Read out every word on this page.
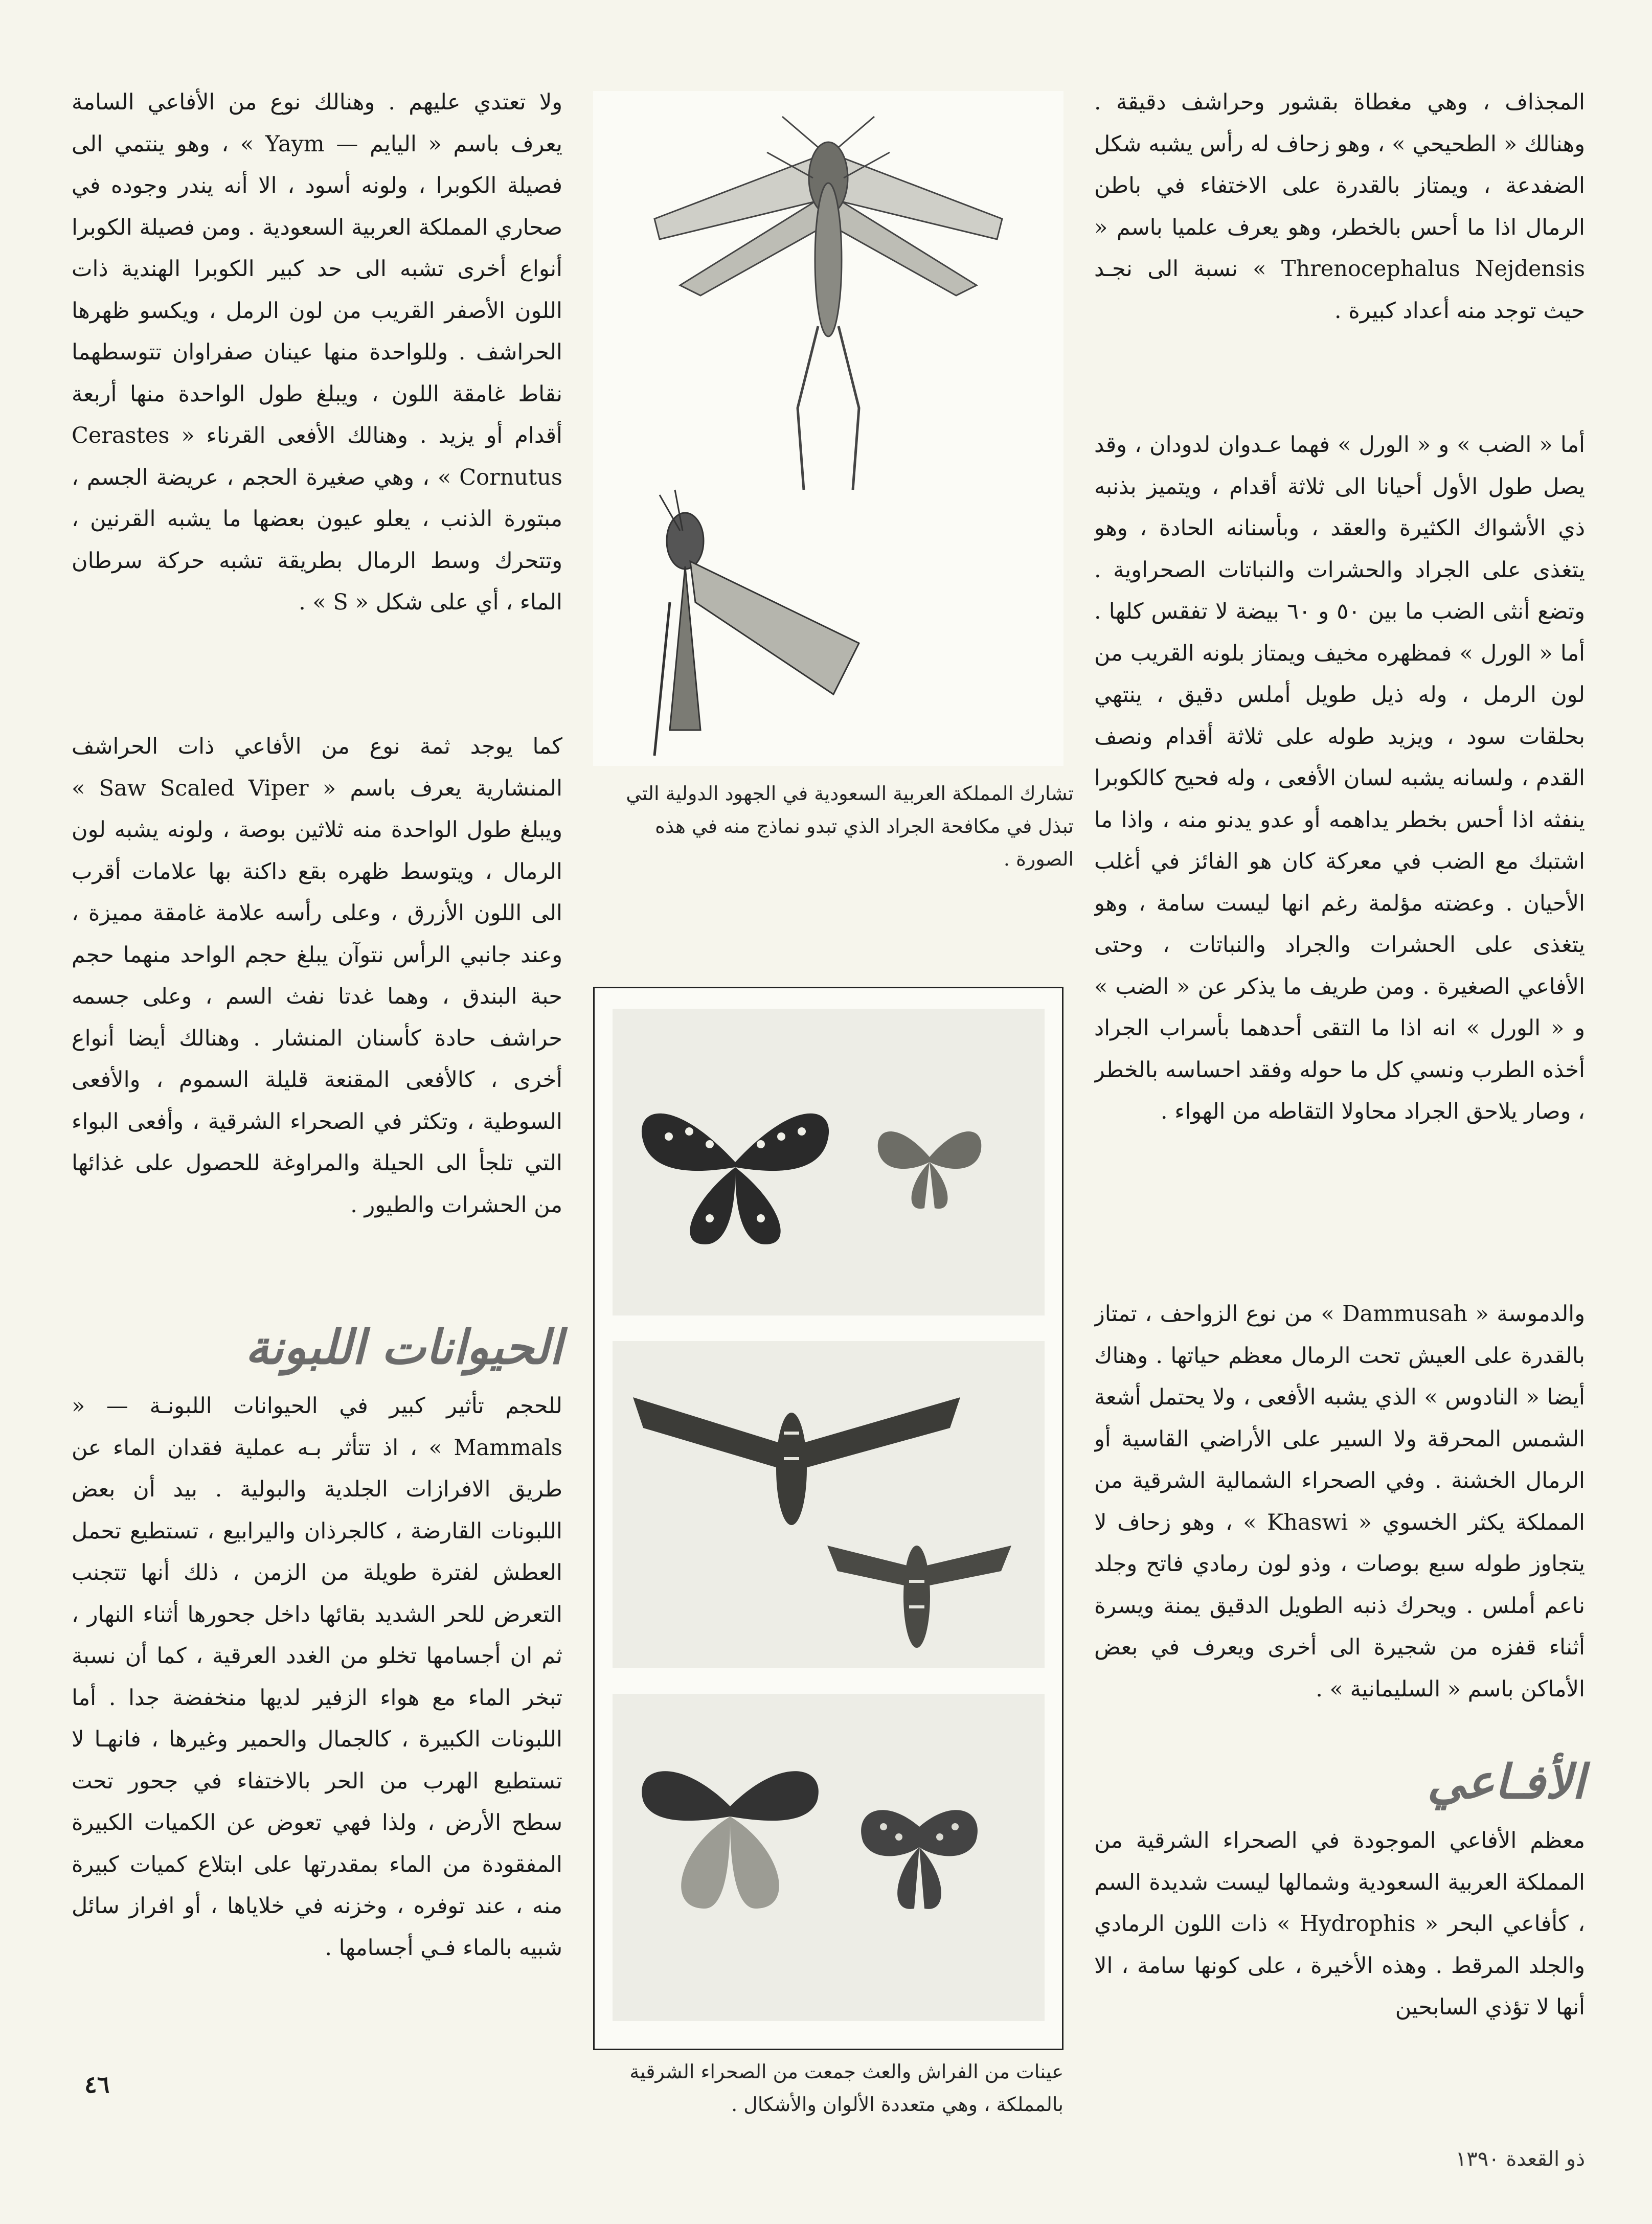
المجذاف ، وهي مغطاة بقشور وحراشف دقيقة . وهنالك « الطحيحي » ، وهو زحاف له رأس يشبه شكل الضفدعة ، ويمتاز بالقدرة على الاختفاء في باطن الرمال اذا ما أحس بالخطر، وهو يعرف علميا باسم « Threnocephalus Nejdensis » نسبة الى نجـد حيث توجد منه أعداد كبيرة .

أما « الضب » و « الورل » فهما عـدوان لدودان ، وقد يصل طول الأول أحيانا الى ثلاثة أقدام ، ويتميز بذنبه ذي الأشواك الكثيرة والعقد ، وبأسنانه الحادة ، وهو يتغذى على الجراد والحشرات والنباتات الصحراوية . وتضع أنثى الضب ما بين ٥٠ و ٦٠ بيضة لا تفقس كلها . أما « الورل » فمظهره مخيف ويمتاز بلونه القريب من لون الرمل ، وله ذيل طويل أملس دقيق ، ينتهي بحلقات سود ، ويزيد طوله على ثلاثة أقدام ونصف القدم ، ولسانه يشبه لسان الأفعى ، وله فحيح كالكوبرا ينفثه اذا أحس بخطر يداهمه أو عدو يدنو منه ، واذا ما اشتبك مع الضب في معركة كان هو الفائز في أغلب الأحيان . وعضته مؤلمة رغم انها ليست سامة ، وهو يتغذى على الحشرات والجراد والنباتات ، وحتى الأفاعي الصغيرة . ومن طريف ما يذكر عن « الضب » و « الورل » انه اذا ما التقى أحدهما بأسراب الجراد أخذه الطرب ونسي كل ما حوله وفقد احساسه بالخطر ، وصار يلاحق الجراد محاولا التقاطه من الهواء .

والدموسة « Dammusah » من نوع الزواحف ، تمتاز بالقدرة على العيش تحت الرمال معظم حياتها . وهناك أيضا « النادوس » الذي يشبه الأفعى ، ولا يحتمل أشعة الشمس المحرقة ولا السير على الأراضي القاسية أو الرمال الخشنة . وفي الصحراء الشمالية الشرقية من المملكة يكثر الخسوي « Khaswi » ، وهو زحاف لا يتجاوز طوله سبع بوصات ، وذو لون رمادي فاتح وجلد ناعم أملس . ويحرك ذنبه الطويل الدقيق يمنة ويسرة أثناء قفزه من شجيرة الى أخرى ويعرف في بعض الأماكن باسم « السليمانية » .

الأفـاعي

معظم الأفاعي الموجودة في الصحراء الشرقية من المملكة العربية السعودية وشمالها ليست شديدة السم ، كأفاعي البحر « Hydrophis » ذات اللون الرمادي والجلد المرقط . وهذه الأخيرة ، على كونها سامة ، الا أنها لا تؤذي السابحين

ولا تعتدي عليهم . وهنالك نوع من الأفاعي السامة يعرف باسم « اليايم — Yaym » ، وهو ينتمي الى فصيلة الكوبرا ، ولونه أسود ، الا أنه يندر وجوده في صحاري المملكة العربية السعودية . ومن فصيلة الكوبرا أنواع أخرى تشبه الى حد كبير الكوبرا الهندية ذات اللون الأصفر القريب من لون الرمل ، ويكسو ظهرها الحراشف . وللواحدة منها عينان صفراوان تتوسطهما نقاط غامقة اللون ، ويبلغ طول الواحدة منها أربعة أقدام أو يزيد . وهنالك الأفعى القرناء « Cerastes Cornutus » ، وهي صغيرة الحجم ، عريضة الجسم ، مبتورة الذنب ، يعلو عيون بعضها ما يشبه القرنين ، وتتحرك وسط الرمال بطريقة تشبه حركة سرطان الماء ، أي على شكل « S » .

كما يوجد ثمة نوع من الأفاعي ذات الحراشف المنشارية يعرف باسم « Saw Scaled Viper » ويبلغ طول الواحدة منه ثلاثين بوصة ، ولونه يشبه لون الرمال ، ويتوسط ظهره بقع داكنة بها علامات أقرب الى اللون الأزرق ، وعلى رأسه علامة غامقة مميزة ، وعند جانبي الرأس نتوآن يبلغ حجم الواحد منهما حجم حبة البندق ، وهما غدتا نفث السم ، وعلى جسمه حراشف حادة كأسنان المنشار . وهنالك أيضا أنواع أخرى ، كالأفعى المقنعة قليلة السموم ، والأفعى السوطية ، وتكثر في الصحراء الشرقية ، وأفعى البواء التي تلجأ الى الحيلة والمراوغة للحصول على غذائها من الحشرات والطيور .

الحيوانات اللبونة

للحجم تأثير كبير في الحيوانات اللبونـة — « Mammals » ، اذ تتأثر بـه عملية فقدان الماء عن طريق الافرازات الجلدية والبولية . بيد أن بعض اللبونات القارضة ، كالجرذان واليرابيع ، تستطيع تحمل العطش لفترة طويلة من الزمن ، ذلك أنها تتجنب التعرض للحر الشديد بقائها داخل جحورها أثناء النهار ، ثم ان أجسامها تخلو من الغدد العرقية ، كما أن نسبة تبخر الماء مع هواء الزفير لديها منخفضة جدا . أما اللبونات الكبيرة ، كالجمال والحمير وغيرها ، فانهـا لا تستطيع الهرب من الحر بالاختفاء في جحور تحت سطح الأرض ، ولذا فهي تعوض عن الكميات الكبيرة المفقودة من الماء بمقدرتها على ابتلاع كميات كبيرة منه ، عند توفره ، وخزنه في خلاياها ، أو افراز سائل شبيه بالماء فـي أجسامها .

تشارك المملكة العربية السعودية في الجهود الدولية التي تبذل في مكافحة الجراد الذي تبدو نماذج منه في هذه الصورة .
عينات من الفراش والعث جمعت من الصحراء الشرقية بالمملكة ، وهي متعددة الألوان والأشكال .
٤٦
ذو القعدة ١٣٩٠
